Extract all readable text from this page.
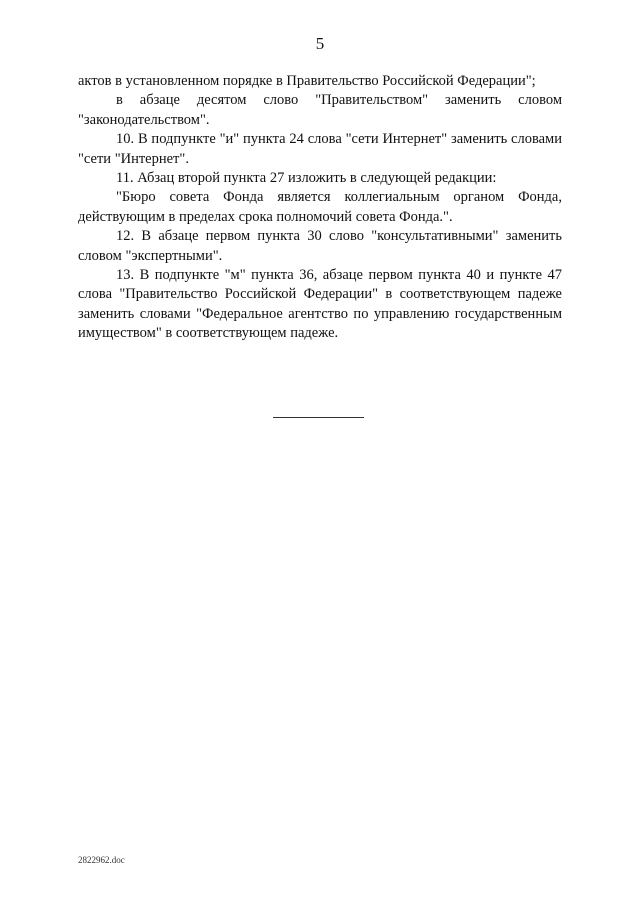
5

актов в установленном порядке в Правительство Российской Федерации";

в абзаце десятом слово "Правительством" заменить словом "законодательством".

10. В подпункте "и" пункта 24 слова "сети Интернет" заменить словами "сети "Интернет".

11. Абзац второй пункта 27 изложить в следующей редакции:

"Бюро совета Фонда является коллегиальным органом Фонда, действующим в пределах срока полномочий совета Фонда.".

12. В абзаце первом пункта 30 слово "консультативными" заменить словом "экспертными".

13. В подпункте "м" пункта 36, абзаце первом пункта 40 и пункте 47 слова "Правительство Российской Федерации" в соответствующем падеже заменить словами "Федеральное агентство по управлению государственным имуществом" в соответствующем падеже.

2822962.doc
